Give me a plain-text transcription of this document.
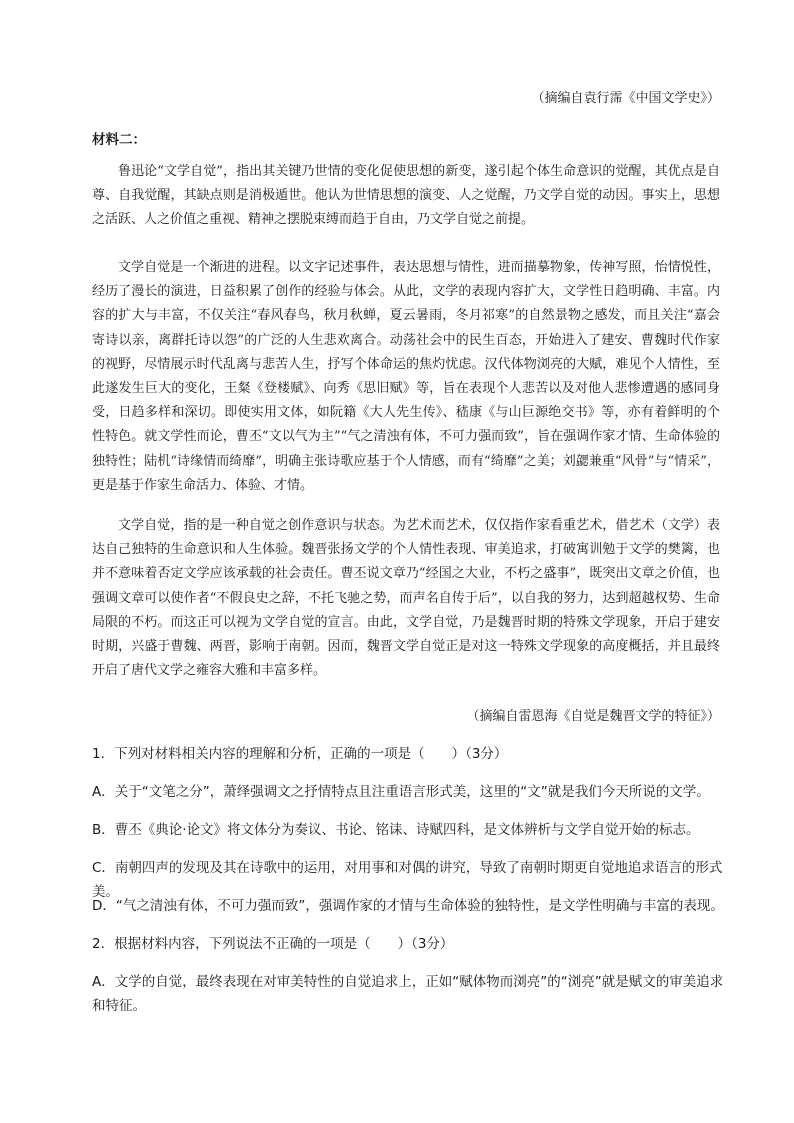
（摘编自袁行霈《中国文学史》）
材料二：

鲁迅论“文学自觉”，指出其关键乃世情的变化促使思想的新变，遂引起个体生命意识的觉醒，其优点是自尊、自我觉醒，其缺点则是消极遁世。他认为世情思想的演变、人之觉醒，乃文学自觉的动因。事实上，思想之活跃、人之价值之重视、精神之摆脱束缚而趋于自由，乃文学自觉之前提。

文学自觉是一个渐进的进程。以文字记述事件，表达思想与情性，进而描摹物象，传神写照，怡情悦性，经历了漫长的演进，日益积累了创作的经验与体会。从此，文学的表现内容扩大，文学性日趋明确、丰富。内容的扩大与丰富，不仅关注“春风春鸟，秋月秋蝉，夏云暑雨，冬月祁寒”的自然景物之感发，而且关注“嘉会寄诗以亲，离群托诗以怨”的广泛的人生悲欢离合。动荡社会中的民生百态，开始进入了建安、曹魏时代作家的视野，尽情展示时代乱离与悲苦人生，抒写个体命运的焦灼忧虑。汉代体物浏亮的大赋，难见个人情性，至此遂发生巨大的变化，王粲《登楼赋》、向秀《思旧赋》等，旨在表现个人悲苦以及对他人悲惨遭遇的感同身受，日趋多样和深切。即使实用文体，如阮籍《大人先生传》、嵇康《与山巨源绝交书》等，亦有着鲜明的个性特色。就文学性而论，曹丕“文以气为主”“气之清浊有体，不可力强而致”，旨在强调作家才情、生命体验的独特性；陆机“诗缘情而绮靡”，明确主张诗歌应基于个人情感，而有“绮靡”之美；刘勰兼重“风骨”与“情采”，更是基于作家生命活力、体验、才情。

文学自觉，指的是一种自觉之创作意识与状态。为艺术而艺术，仅仅指作家看重艺术，借艺术（文学）表达自己独特的生命意识和人生体验。魏晋张扬文学的个人情性表现、审美追求，打破寓训勉于文学的樊篱，也并不意味着否定文学应该承载的社会责任。曹丕说文章乃“经国之大业，不朽之盛事”，既突出文章之价值，也强调文章可以使作者“不假良史之辞，不托飞驰之势，而声名自传于后”，以自我的努力，达到超越权势、生命局限的不朽。而这正可以视为文学自觉的宣言。由此，文学自觉，乃是魏晋时期的特殊文学现象，开启于建安时期，兴盛于曹魏、两晋，影响于南朝。因而，魏晋文学自觉正是对这一特殊文学现象的高度概括，并且最终开启了唐代文学之雍容大雅和丰富多样。

（摘编自雷恩海《自觉是魏晋文学的特征》）

1．下列对材料相关内容的理解和分析，正确的一项是（　　）（3分）

A．关于“文笔之分”，萧绎强调文之抒情特点且注重语言形式美，这里的“文”就是我们今天所说的文学。

B．曹丕《典论·论文》将文体分为奏议、书论、铭诔、诗赋四科，是文体辨析与文学自觉开始的标志。

C．南朝四声的发现及其在诗歌中的运用，对用事和对偶的讲究，导致了南朝时期更自觉地追求语言的形式美。

D．“气之清浊有体，不可力强而致”，强调作家的才情与生命体验的独特性，是文学性明确与丰富的表现。

2．根据材料内容，下列说法不正确的一项是（　　）（3分）

A．文学的自觉，最终表现在对审美特性的自觉追求上，正如“赋体物而浏亮”的“浏亮”就是赋文的审美追求和特征。
